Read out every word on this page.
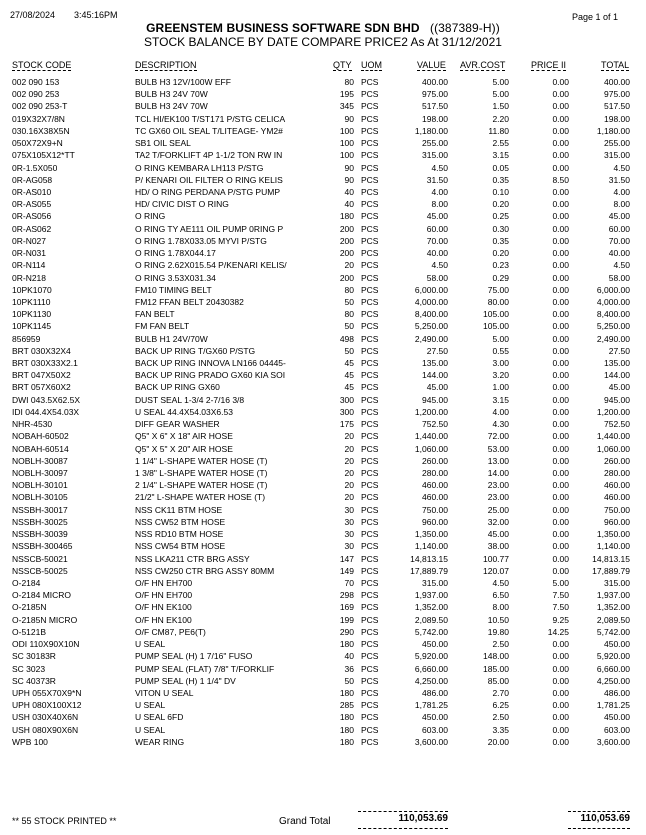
27/08/2024 3:45:16PM	Page 1 of 1
GREENSTEM BUSINESS SOFTWARE SDN BHD ((387389-H))
STOCK BALANCE BY DATE COMPARE PRICE2 As At 31/12/2021
STOCK CODE	DESCRIPTION	QTY UOM	VALUE AVR.COST	PRICE II	TOTAL
002 090 153	BULB H3 12V/100W EFF	80 PCS	400.00	5.00	0.00	400.00
002 090 253	BULB H3 24V 70W	195 PCS	975.00	5.00	0.00	975.00
002 090 253-T	BULB H3 24V 70W	345 PCS	517.50	1.50	0.00	517.50
019X32X7/8N	TCL HI/EK100 T/ST171 P/STG CELICA	90 PCS	198.00	2.20	0.00	198.00
030.16X38X5N	TC GX60 OIL SEAL T/LITEAGE- YM2#	100 PCS	1,180.00	11.80	0.00	1,180.00
050X72X9+N	SB1 OIL SEAL	100 PCS	255.00	2.55	0.00	255.00
075X105X12*TT	TA2 T/FORKLIFT 4P 1-1/2 TON RW IN	100 PCS	315.00	3.15	0.00	315.00
0R-1.5X050	O RING KEMBARA LH113 P/STG	90 PCS	4.50	0.05	0.00	4.50
0R-AG058	P/ KENARI OIL FILTER O RING KELIS	90 PCS	31.50	0.35	8.50	31.50
0R-AS010	HD/ O RING PERDANA P/STG PUMP	40 PCS	4.00	0.10	0.00	4.00
0R-AS055	HD/ CIVIC DIST O RING	40 PCS	8.00	0.20	0.00	8.00
0R-AS056	O RING	180 PCS	45.00	0.25	0.00	45.00
0R-AS062	O RING TY AE111 OIL PUMP 0RING P	200 PCS	60.00	0.30	0.00	60.00
0R-N027	O RING 1.78X033.05 MYVI P/STG	200 PCS	70.00	0.35	0.00	70.00
0R-N031	O RING 1.78X044.17	200 PCS	40.00	0.20	0.00	40.00
0R-N114	O RING 2.62X015.54 P/KENARI KELIS/	20 PCS	4.50	0.23	0.00	4.50
0R-N218	O RING 3.53X031.34	200 PCS	58.00	0.29	0.00	58.00
10PK1070	FM10 TIMING BELT	80 PCS	6,000.00	75.00	0.00	6,000.00
10PK1110	FM12 FFAN BELT 20430382	50 PCS	4,000.00	80.00	0.00	4,000.00
10PK1130	FAN BELT	80 PCS	8,400.00	105.00	0.00	8,400.00
10PK1145	FM FAN BELT	50 PCS	5,250.00	105.00	0.00	5,250.00
856959	BULB H1 24V/70W	498 PCS	2,490.00	5.00	0.00	2,490.00
BRT 030X32X4	BACK UP RING T/GX60 P/STG	50 PCS	27.50	0.55	0.00	27.50
BRT 030X33X2.1	BACK UP RING INNOVA LN166 04445-	45 PCS	135.00	3.00	0.00	135.00
BRT 047X50X2	BACK UP RING PRADO GX60 KIA SOI	45 PCS	144.00	3.20	0.00	144.00
BRT 057X60X2	BACK UP RING GX60	45 PCS	45.00	1.00	0.00	45.00
DWI 043.5X62.5X	DUST SEAL 1-3/4 2-7/16 3/8	300 PCS	945.00	3.15	0.00	945.00
IDI 044.4X54.03X	U SEAL 44.4X54.03X6.53	300 PCS	1,200.00	4.00	0.00	1,200.00
NHR-4530	DIFF GEAR WASHER	175 PCS	752.50	4.30	0.00	752.50
NOBAH-60502	Q5" X 6" X 18" AIR HOSE	20 PCS	1,440.00	72.00	0.00	1,440.00
NOBAH-60514	Q5" X 5" X 20" AIR HOSE	20 PCS	1,060.00	53.00	0.00	1,060.00
NOBLH-30087	1 1/4" L-SHAPE WATER HOSE (T)	20 PCS	260.00	13.00	0.00	260.00
NOBLH-30097	1 3/8" L-SHAPE WATER HOSE (T)	20 PCS	280.00	14.00	0.00	280.00
NOBLH-30101	2 1/4" L-SHAPE WATER HOSE (T)	20 PCS	460.00	23.00	0.00	460.00
NOBLH-30105	21/2" L-SHAPE WATER HOSE (T)	20 PCS	460.00	23.00	0.00	460.00
NSSBH-30017	NSS CK11 BTM HOSE	30 PCS	750.00	25.00	0.00	750.00
NSSBH-30025	NSS CW52 BTM HOSE	30 PCS	960.00	32.00	0.00	960.00
NSSBH-30039	NSS RD10 BTM HOSE	30 PCS	1,350.00	45.00	0.00	1,350.00
NSSBH-300465	NSS CW54 BTM HOSE	30 PCS	1,140.00	38.00	0.00	1,140.00
NSSCB-50021	NSS LKA211 CTR BRG ASSY	147 PCS	14,813.15	100.77	0.00	14,813.15
NSSCB-50025	NSS CW250 CTR BRG ASSY 80MM	149 PCS	17,889.79	120.07	0.00	17,889.79
O-2184	O/F HN EH700	70 PCS	315.00	4.50	5.00	315.00
O-2184 MICRO	O/F HN EH700	298 PCS	1,937.00	6.50	7.50	1,937.00
O-2185N	O/F HN EK100	169 PCS	1,352.00	8.00	7.50	1,352.00
O-2185N MICRO	O/F HN EK100	199 PCS	2,089.50	10.50	9.25	2,089.50
O-5121B	O/F CM87, PE6(T)	290 PCS	5,742.00	19.80	14.25	5,742.00
ODI 110X90X10N	U SEAL	180 PCS	450.00	2.50	0.00	450.00
SC 30183R	PUMP SEAL (H) 1 7/16" FUSO	40 PCS	5,920.00	148.00	0.00	5,920.00
SC 3023	PUMP SEAL (FLAT) 7/8" T/FORKLIF	36 PCS	6,660.00	185.00	0.00	6,660.00
SC 40373R	PUMP SEAL (H) 1 1/4" DV	50 PCS	4,250.00	85.00	0.00	4,250.00
UPH 055X70X9*N	VITON U SEAL	180 PCS	486.00	2.70	0.00	486.00
UPH 080X100X12	U SEAL	285 PCS	1,781.25	6.25	0.00	1,781.25
USH 030X40X6N	U SEAL 6FD	180 PCS	450.00	2.50	0.00	450.00
USH 080X90X6N	U SEAL	180 PCS	603.00	3.35	0.00	603.00
WPB 100	WEAR RING	180 PCS	3,600.00	20.00	0.00	3,600.00
** 55 STOCK PRINTED **	Grand Total	110,053.69	110,053.69
